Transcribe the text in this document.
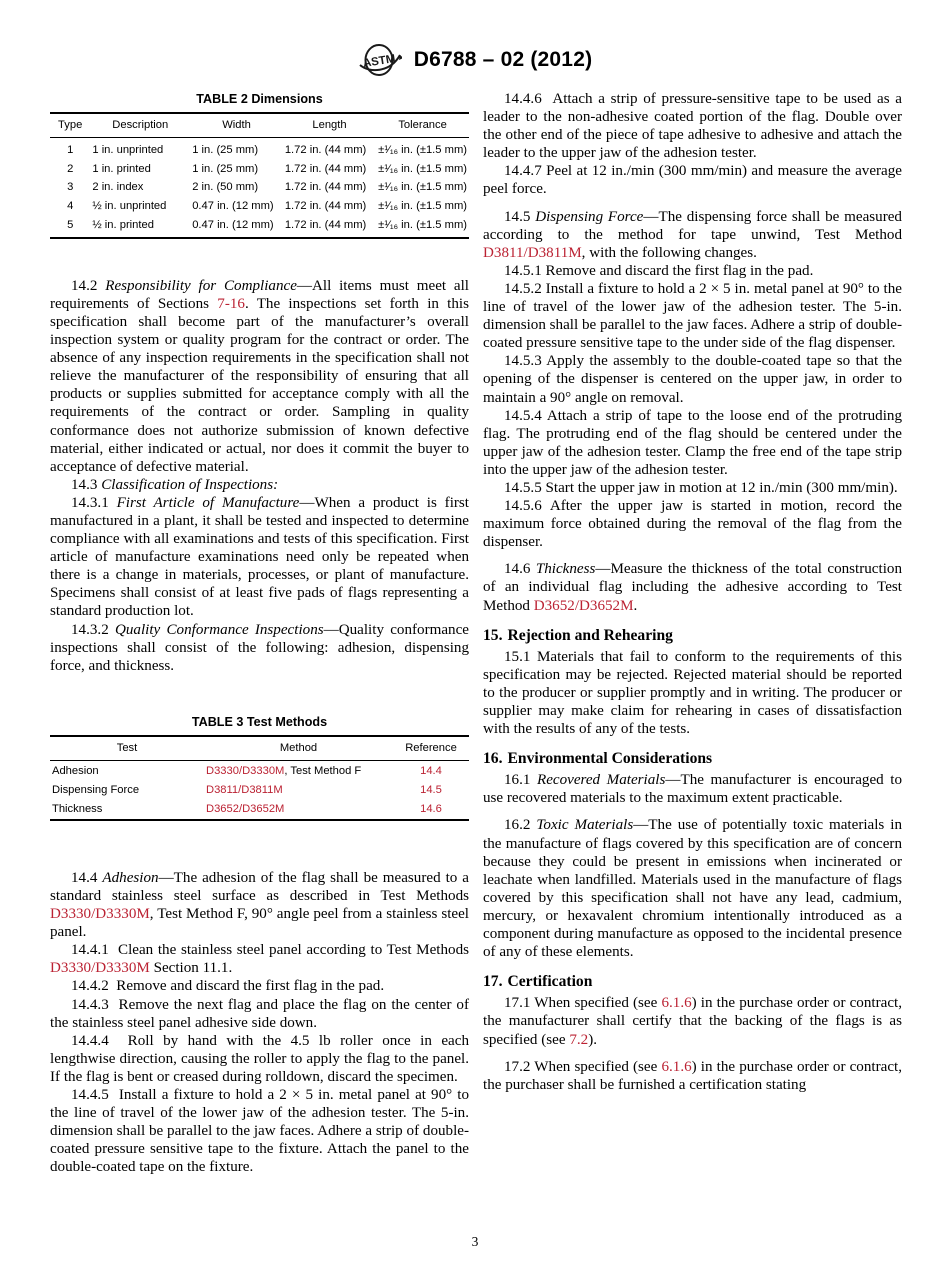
ASTM D6788 – 02 (2012)
TABLE 2 Dimensions
Type	Description	Width	Length	Tolerance
1	1 in. unprinted	1 in. (25 mm)	1.72 in. (44 mm)	±¹⁄₁₆ in. (±1.5 mm)
2	1 in. printed	1 in. (25 mm)	1.72 in. (44 mm)	±¹⁄₁₆ in. (±1.5 mm)
3	2 in. index	2 in. (50 mm)	1.72 in. (44 mm)	±¹⁄₁₆ in. (±1.5 mm)
4	½ in. unprinted	0.47 in. (12 mm)	1.72 in. (44 mm)	±¹⁄₁₆ in. (±1.5 mm)
5	½ in. printed	0.47 in. (12 mm)	1.72 in. (44 mm)	±¹⁄₁₆ in. (±1.5 mm)

14.2 Responsibility for Compliance—All items must meet all requirements of Sections 7-16. The inspections set forth in this specification shall become part of the manufacturer’s overall inspection system or quality program for the contract or order. The absence of any inspection requirements in the specification shall not relieve the manufacturer of the responsibility of ensuring that all products or supplies submitted for acceptance comply with all the requirements of the contract or order. Sampling in quality conformance does not authorize submission of known defective material, either indicated or actual, nor does it commit the buyer to acceptance of defective material.

14.3 Classification of Inspections:

14.3.1 First Article of Manufacture—When a product is first manufactured in a plant, it shall be tested and inspected to determine compliance with all examinations and tests of this specification. First article of manufacture examinations need only be repeated when there is a change in materials, processes, or plant of manufacture. Specimens shall consist of at least five pads of flags representing a standard production lot.

14.3.2 Quality Conformance Inspections—Quality conformance inspections shall consist of the following: adhesion, dispensing force, and thickness.

TABLE 3 Test Methods
Test	Method	Reference
Adhesion	D3330/D3330M, Test Method F	14.4
Dispensing Force	D3811/D3811M	14.5
Thickness	D3652/D3652M	14.6

14.4 Adhesion—The adhesion of the flag shall be measured to a standard stainless steel surface as described in Test Methods D3330/D3330M, Test Method F, 90° angle peel from a stainless steel panel.

14.4.1 Clean the stainless steel panel according to Test Methods D3330/D3330M Section 11.1.

14.4.2 Remove and discard the first flag in the pad.

14.4.3 Remove the next flag and place the flag on the center of the stainless steel panel adhesive side down.

14.4.4 Roll by hand with the 4.5 lb roller once in each lengthwise direction, causing the roller to apply the flag to the panel. If the flag is bent or creased during rolldown, discard the specimen.

14.4.5 Install a fixture to hold a 2 × 5 in. metal panel at 90° to the line of travel of the lower jaw of the adhesion tester. The 5-in. dimension shall be parallel to the jaw faces. Adhere a strip of double-coated pressure sensitive tape to the fixture. Attach the panel to the double-coated tape on the fixture.

14.4.6 Attach a strip of pressure-sensitive tape to be used as a leader to the non-adhesive coated portion of the flag. Double over the other end of the piece of tape adhesive to adhesive and attach the leader to the upper jaw of the adhesion tester.

14.4.7 Peel at 12 in./min (300 mm/min) and measure the average peel force.

14.5 Dispensing Force—The dispensing force shall be measured according to the method for tape unwind, Test Method D3811/D3811M, with the following changes.

14.5.1 Remove and discard the first flag in the pad.

14.5.2 Install a fixture to hold a 2 × 5 in. metal panel at 90° to the line of travel of the lower jaw of the adhesion tester. The 5-in. dimension shall be parallel to the jaw faces. Adhere a strip of double-coated pressure sensitive tape to the under side of the flag dispenser.

14.5.3 Apply the assembly to the double-coated tape so that the opening of the dispenser is centered on the upper jaw, in order to maintain a 90° angle on removal.

14.5.4 Attach a strip of tape to the loose end of the protruding flag. The protruding end of the flag should be centered under the upper jaw of the adhesion tester. Clamp the free end of the tape strip into the upper jaw of the adhesion tester.

14.5.5 Start the upper jaw in motion at 12 in./min (300 mm/min).

14.5.6 After the upper jaw is started in motion, record the maximum force obtained during the removal of the flag from the dispenser.

14.6 Thickness—Measure the thickness of the total construction of an individual flag including the adhesive according to Test Method D3652/D3652M.

15. Rejection and Rehearing

15.1 Materials that fail to conform to the requirements of this specification may be rejected. Rejected material should be reported to the producer or supplier promptly and in writing. The producer or supplier may make claim for rehearing in cases of dissatisfaction with the results of any of the tests.

16. Environmental Considerations

16.1 Recovered Materials—The manufacturer is encouraged to use recovered materials to the maximum extent practicable.

16.2 Toxic Materials—The use of potentially toxic materials in the manufacture of flags covered by this specification are of concern because they could be present in emissions when incinerated or leachate when landfilled. Materials used in the manufacture of flags covered by this specification shall not have any lead, cadmium, mercury, or hexavalent chromium intentionally introduced as a component during manufacture as opposed to the incidental presence of any of these elements.

17. Certification

17.1 When specified (see 6.1.6) in the purchase order or contract, the manufacturer shall certify that the backing of the flags is as specified (see 7.2).

17.2 When specified (see 6.1.6) in the purchase order or contract, the purchaser shall be furnished a certification stating

3
